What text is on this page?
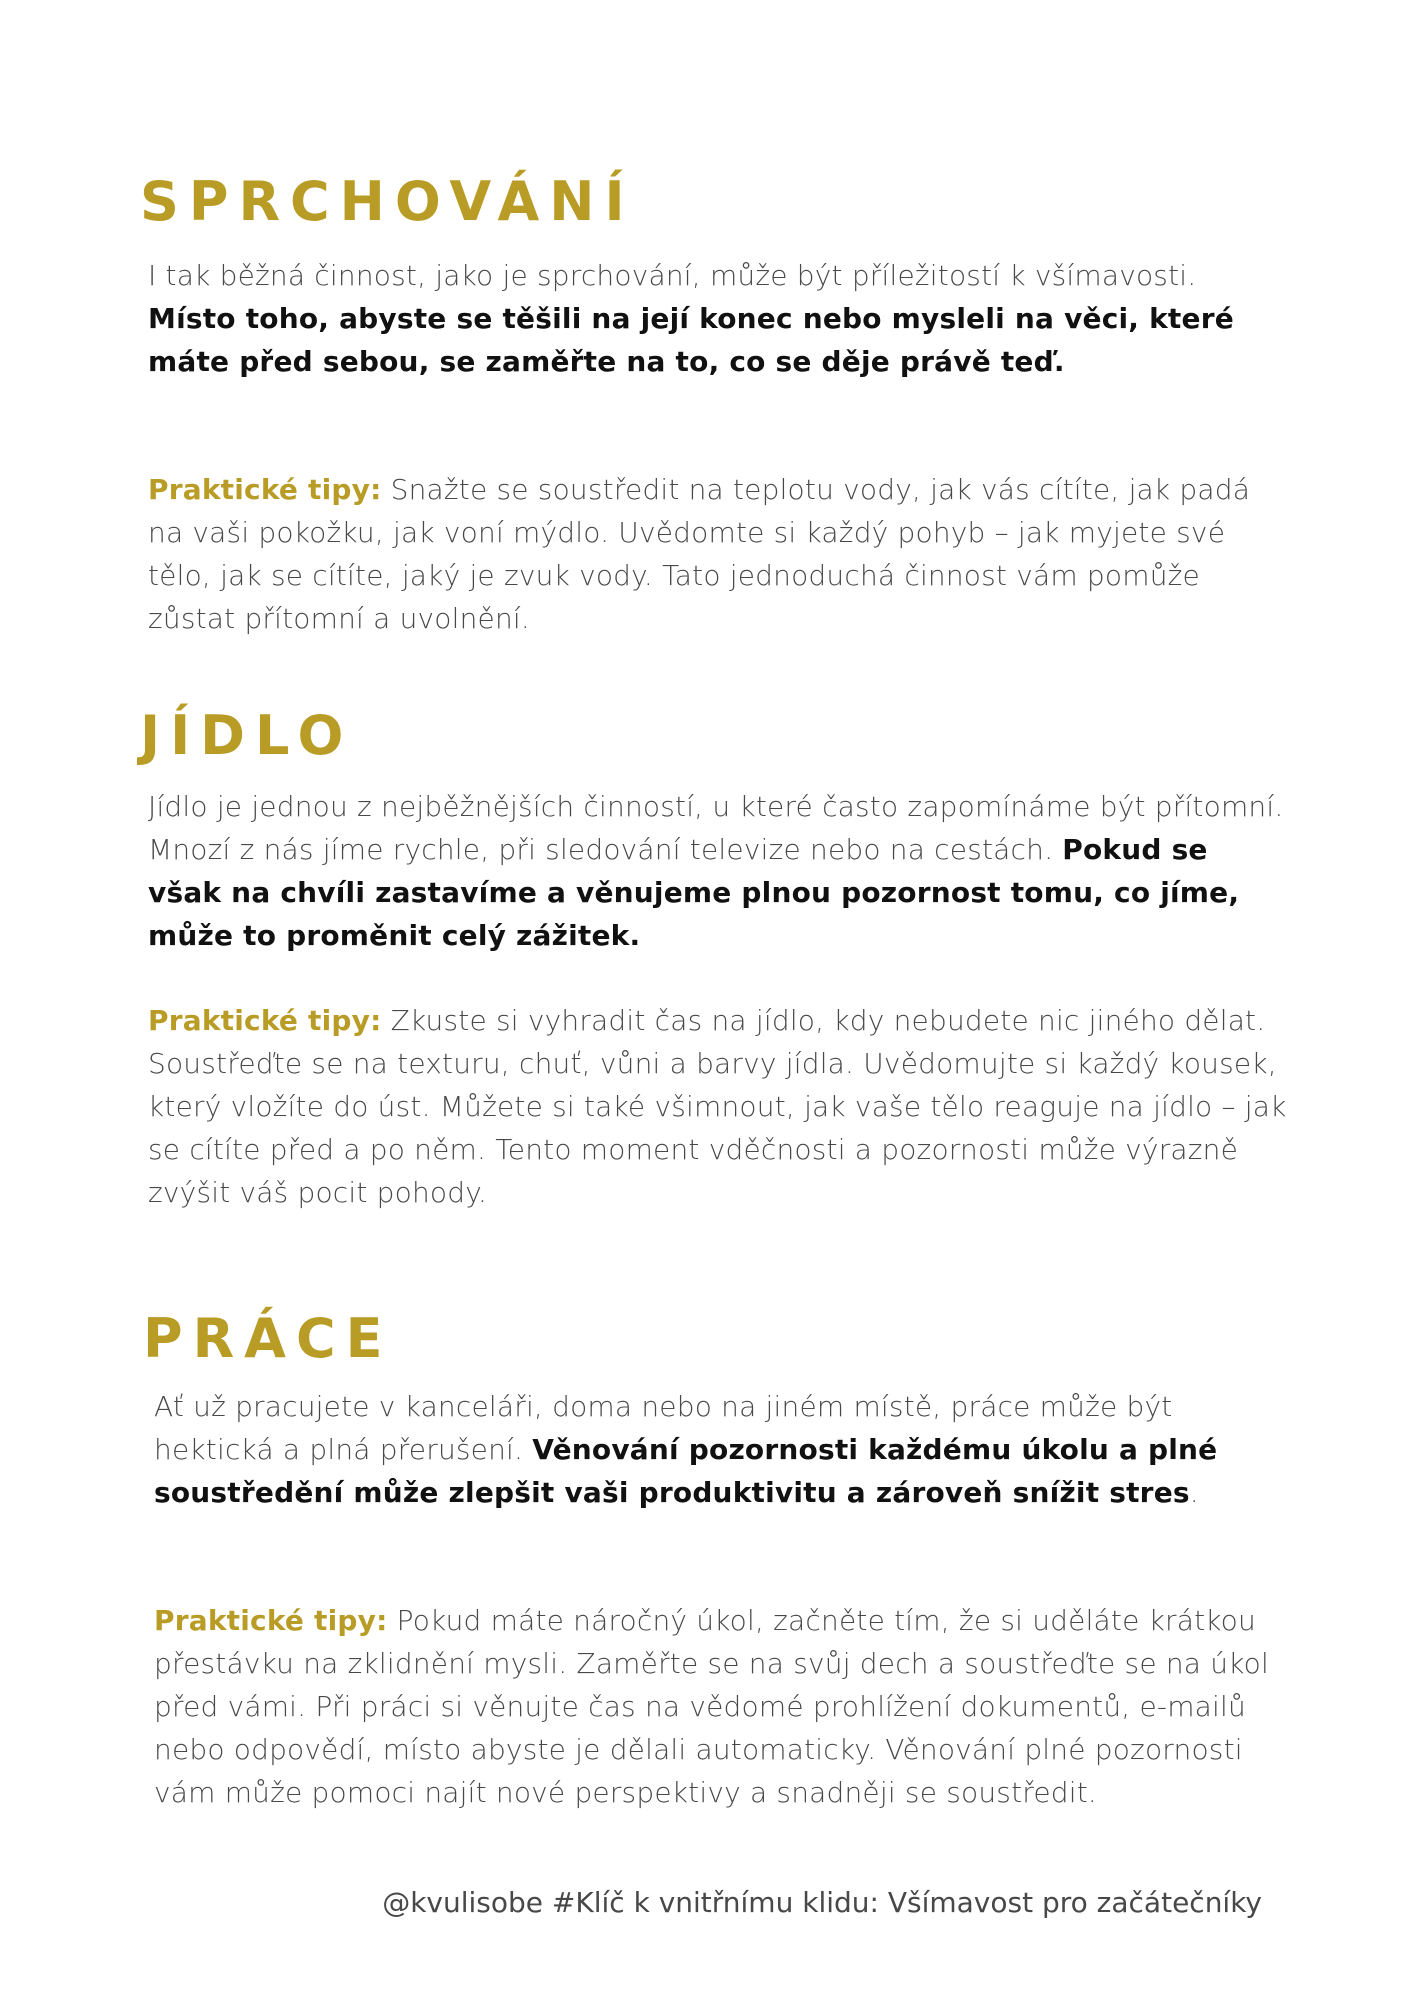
SPRCHOVÁNÍ

I tak běžná činnost, jako je sprchování, může být příležitostí k všímavosti. Místo toho, abyste se těšili na její konec nebo mysleli na věci, které máte před sebou, se zaměřte na to, co se děje právě teď.

Praktické tipy: Snažte se soustředit na teplotu vody, jak vás cítíte, jak padá na vaši pokožku, jak voní mýdlo. Uvědomte si každý pohyb – jak myjete své tělo, jak se cítíte, jaký je zvuk vody. Tato jednoduchá činnost vám pomůže zůstat přítomní a uvolnění.

JÍDLO

Jídlo je jednou z nejběžnějších činností, u které často zapomínáme být přítomní. Mnozí z nás jíme rychle, při sledování televize nebo na cestách. Pokud se však na chvíli zastavíme a věnujeme plnou pozornost tomu, co jíme, může to proměnit celý zážitek.

Praktické tipy: Zkuste si vyhradit čas na jídlo, kdy nebudete nic jiného dělat. Soustřeďte se na texturu, chuť, vůni a barvy jídla. Uvědomujte si každý kousek, který vložíte do úst. Můžete si také všimnout, jak vaše tělo reaguje na jídlo – jak se cítíte před a po něm. Tento moment vděčnosti a pozornosti může výrazně zvýšit váš pocit pohody.

PRÁCE

Ať už pracujete v kanceláři, doma nebo na jiném místě, práce může být hektická a plná přerušení. Věnování pozornosti každému úkolu a plné soustředění může zlepšit vaši produktivitu a zároveň snížit stres.

Praktické tipy: Pokud máte náročný úkol, začněte tím, že si uděláte krátkou přestávku na zklidnění mysli. Zaměřte se na svůj dech a soustřeďte se na úkol před vámi. Při práci si věnujte čas na vědomé prohlížení dokumentů, e-mailů nebo odpovědí, místo abyste je dělali automaticky. Věnování plné pozornosti vám může pomoci najít nové perspektivy a snadněji se soustředit.

@kvulisobe #Klíč k vnitřnímu klidu: Všímavost pro začátečníky
